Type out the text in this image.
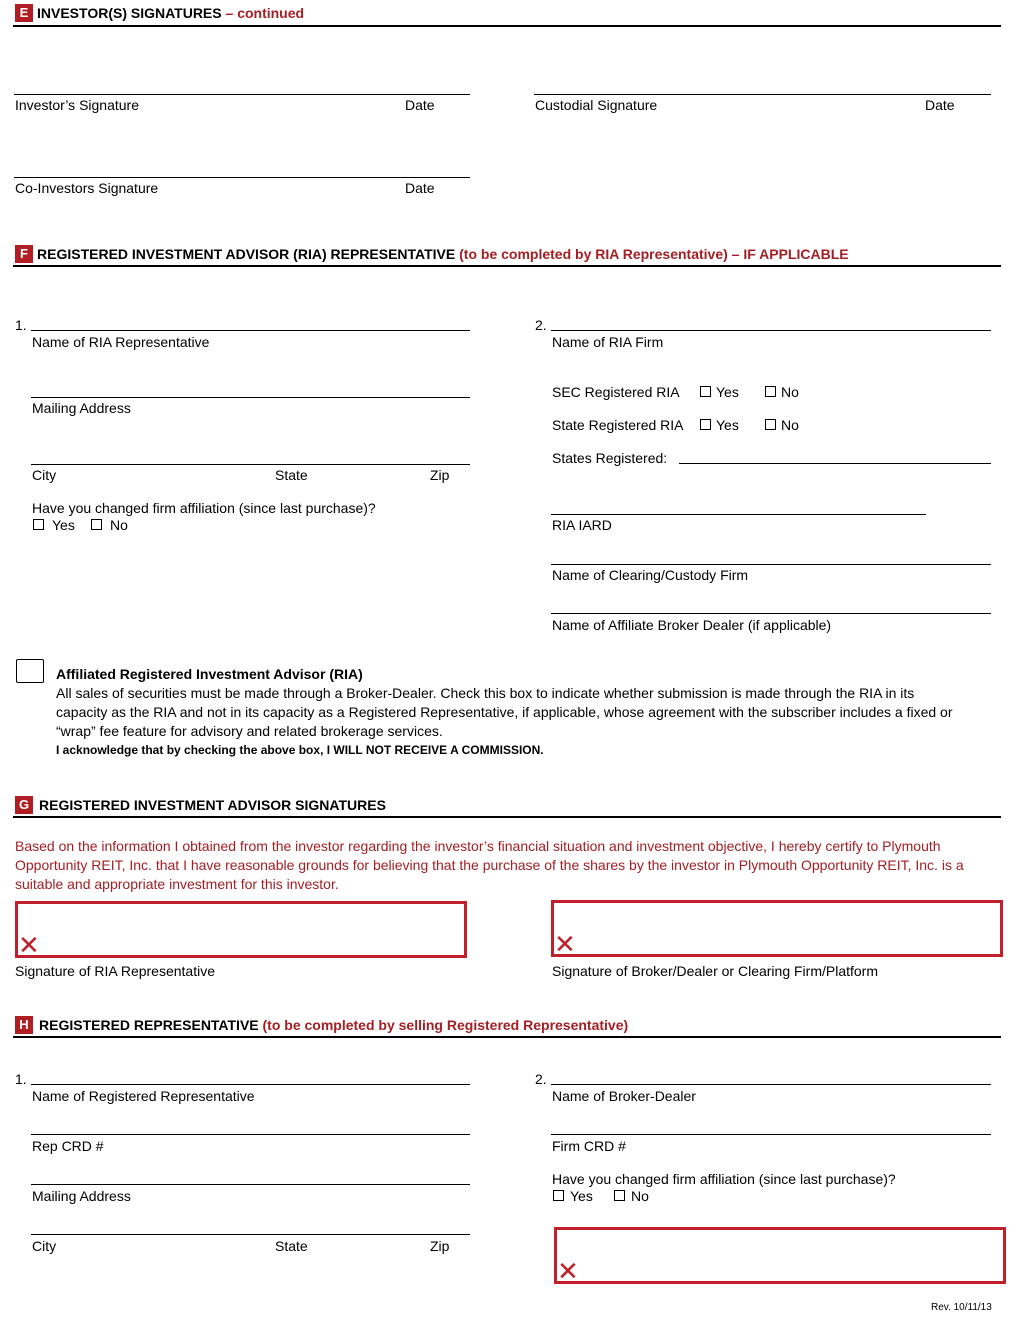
E INVESTOR(S) SIGNATURES – continued
Investor’s Signature	Date	Custodial Signature	Date
Co-Investors Signature	Date
F REGISTERED INVESTMENT ADVISOR (RIA) REPRESENTATIVE (to be completed by RIA Representative) – IF APPLICABLE
1.
Name of RIA Representative
Mailing Address
City	State	Zip
Have you changed firm affiliation (since last purchase)?
Yes	No
2.
Name of RIA Firm
SEC Registered RIA	Yes	No
State Registered RIA Yes	No
States Registered:
RIA IARD
Name of Clearing/Custody Firm
Name of Affiliate Broker Dealer (if applicable)
Affiliated Registered Investment Advisor (RIA)
All sales of securities must be made through a Broker-Dealer. Check this box to indicate whether submission is made through the RIA in its
capacity as the RIA and not in its capacity as a Registered Representative, if applicable, whose agreement with the subscriber includes a fixed or
“wrap” fee feature for advisory and related brokerage services.
I acknowledge that by checking the above box, I WILL NOT RECEIVE A COMMISSION.
G REGISTERED INVESTMENT ADVISOR SIGNATURES
Based on the information I obtained from the investor regarding the investor’s financial situation and investment objective, I hereby certify to Plymouth
Opportunity REIT, Inc. that I have reasonable grounds for believing that the purchase of the shares by the investor in Plymouth Opportunity REIT, Inc. is a
suitable and appropriate investment for this investor.
✕
Signature of RIA Representative
✕
Signature of Broker/Dealer or Clearing Firm/Platform
H REGISTERED REPRESENTATIVE (to be completed by selling Registered Representative)
1.
Name of Registered Representative
Rep CRD #
Mailing Address
City	State	Zip
2.
Name of Broker-Dealer
Firm CRD #
Have you changed firm affiliation (since last purchase)?
Yes	No
✕
Rev. 10/11/13
